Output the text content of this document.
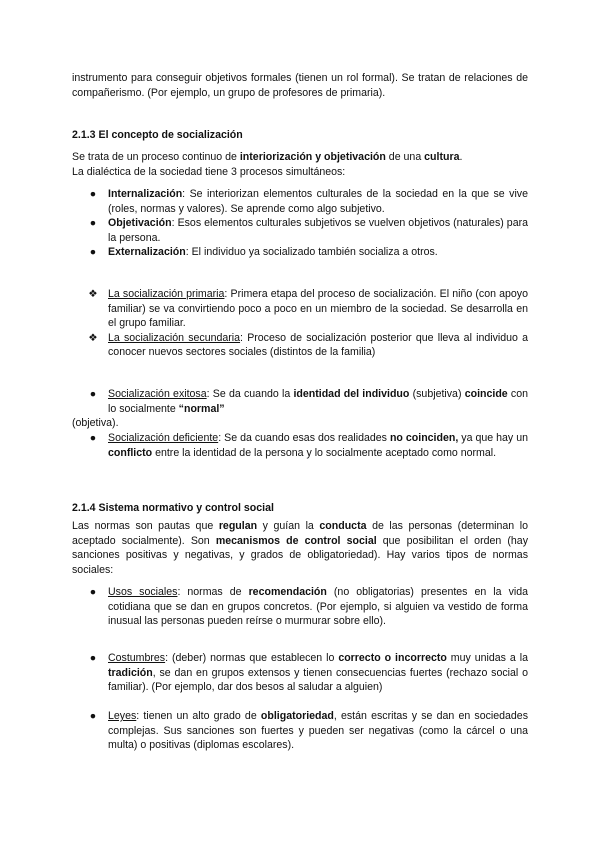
instrumento para conseguir objetivos formales (tienen un rol formal). Se tratan de relaciones de compañerismo. (Por ejemplo, un grupo de profesores de primaria).

2.1.3 El concepto de socialización

Se trata de un proceso continuo de interiorización y objetivación de una cultura.
La dialéctica de la sociedad tiene 3 procesos simultáneos:

●	Internalización: Se interiorizan elementos culturales de la sociedad en la que se vive (roles, normas y valores). Se aprende como algo subjetivo.
●	Objetivación: Esos elementos culturales subjetivos se vuelven objetivos (naturales) para la persona.
●	Externalización: El individuo ya socializado también socializa a otros.
❖ La socialización primaria: Primera etapa del proceso de socialización. El niño (con apoyo familiar) se va convirtiendo poco a poco en un miembro de la sociedad. Se desarrolla en el grupo familiar.
❖ La socialización secundaria: Proceso de socialización posterior que lleva al individuo a conocer nuevos sectores sociales (distintos de la familia)
●	Socialización exitosa: Se da cuando la identidad del individuo (subjetiva) coincide con lo socialmente “normal”

(objetiva).

●	Socialización deficiente: Se da cuando esas dos realidades no coinciden, ya que hay un conflicto entre la identidad de la persona y lo socialmente aceptado como normal.
2.1.4 Sistema normativo y control social

Las normas son pautas que regulan y guían la conducta de las personas (determinan lo aceptado socialmente). Son mecanismos de control social que posibilitan el orden (hay sanciones positivas y negativas, y grados de obligatoriedad). Hay varios tipos de normas sociales:

●	Usos sociales: normas de recomendación (no obligatorias) presentes en la vida cotidiana que se dan en grupos concretos. (Por ejemplo, si alguien va vestido de forma inusual las personas pueden reírse o murmurar sobre ello).
●	Costumbres: (deber) normas que establecen lo correcto o incorrecto muy unidas a la tradición, se dan en grupos extensos y tienen consecuencias fuertes (rechazo social o familiar). (Por ejemplo, dar dos besos al saludar a alguien)
●	Leyes: tienen un alto grado de obligatoriedad, están escritas y se dan en sociedades complejas. Sus sanciones son fuertes y pueden ser negativas (como la cárcel o una multa) o positivas (diplomas escolares).
